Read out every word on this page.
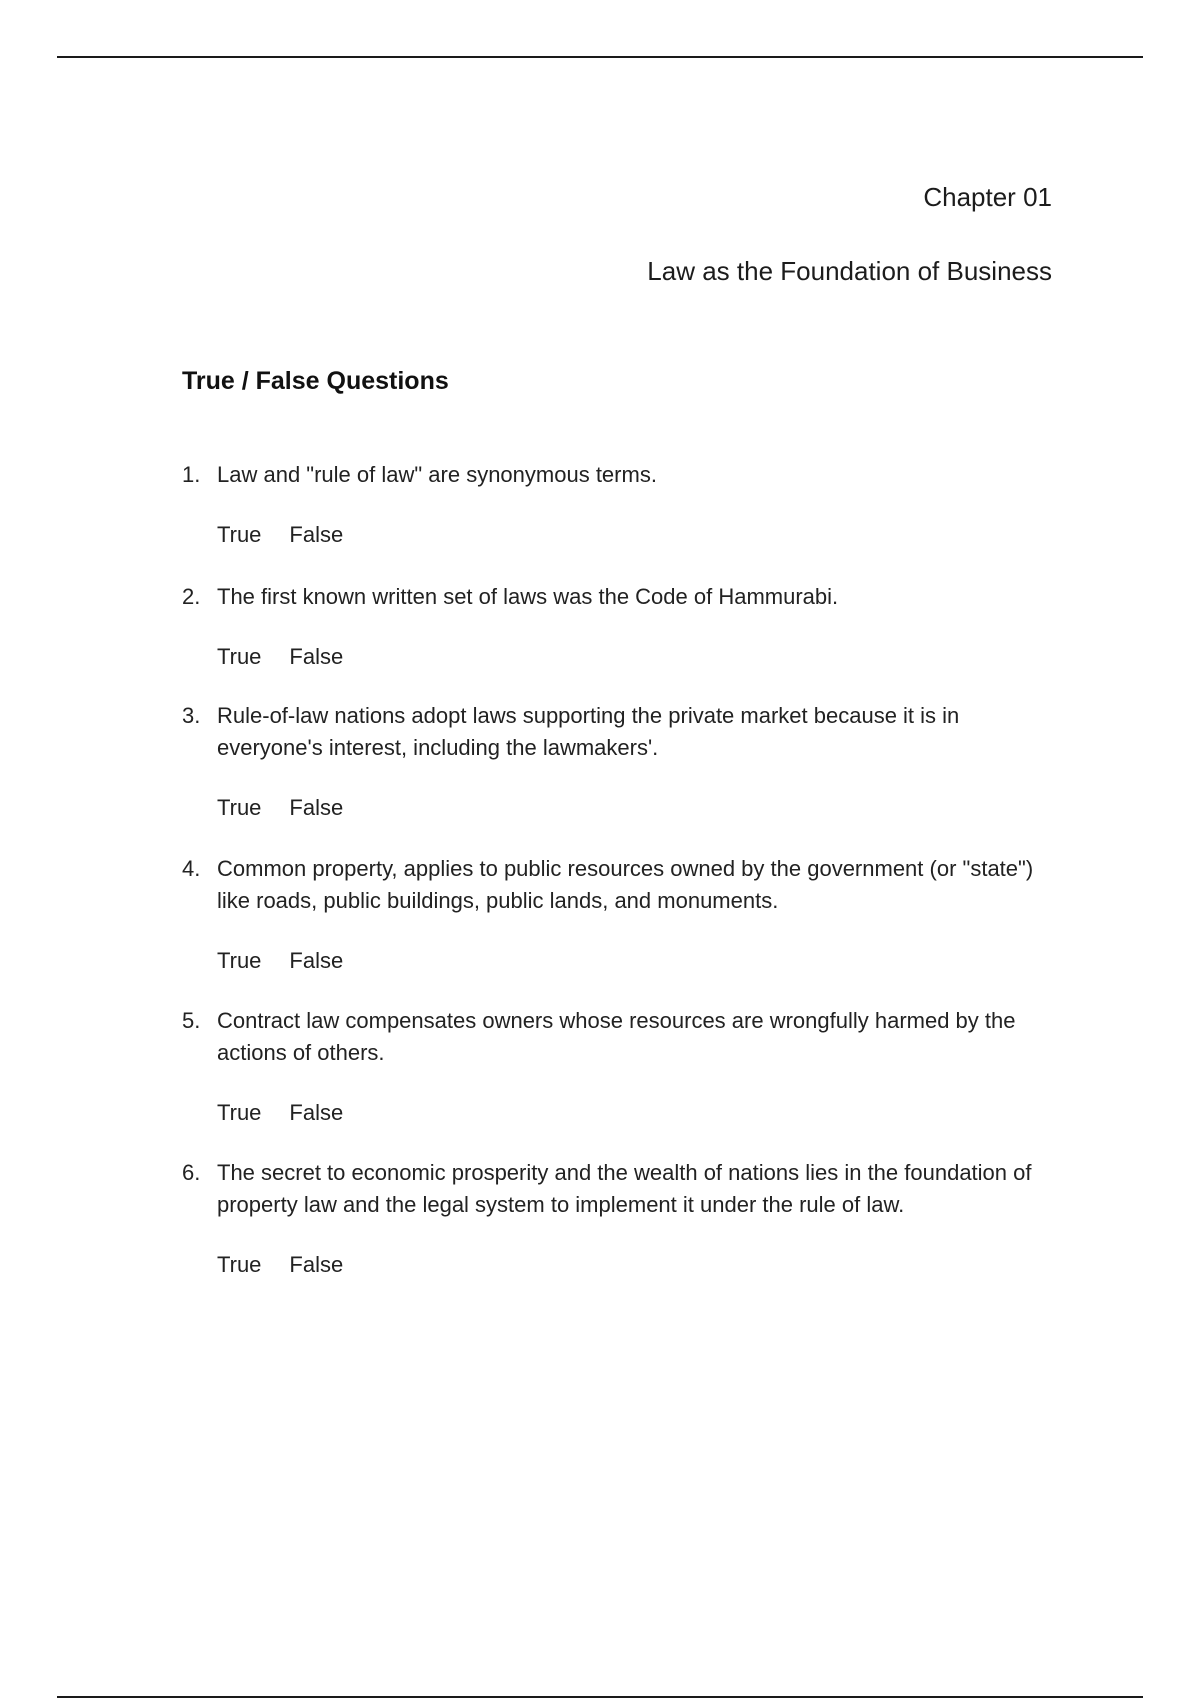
Chapter 01
Law as the Foundation of Business
True / False Questions
1. Law and "rule of law" are synonymous terms.
True False
2. The first known written set of laws was the Code of Hammurabi.
True False
3. Rule-of-law nations adopt laws supporting the private market because it is in everyone's interest, including the lawmakers'.
True False
4. Common property, applies to public resources owned by the government (or "state") like roads, public buildings, public lands, and monuments.
True False
5. Contract law compensates owners whose resources are wrongfully harmed by the actions of others.
True False
6. The secret to economic prosperity and the wealth of nations lies in the foundation of property law and the legal system to implement it under the rule of law.
True False
